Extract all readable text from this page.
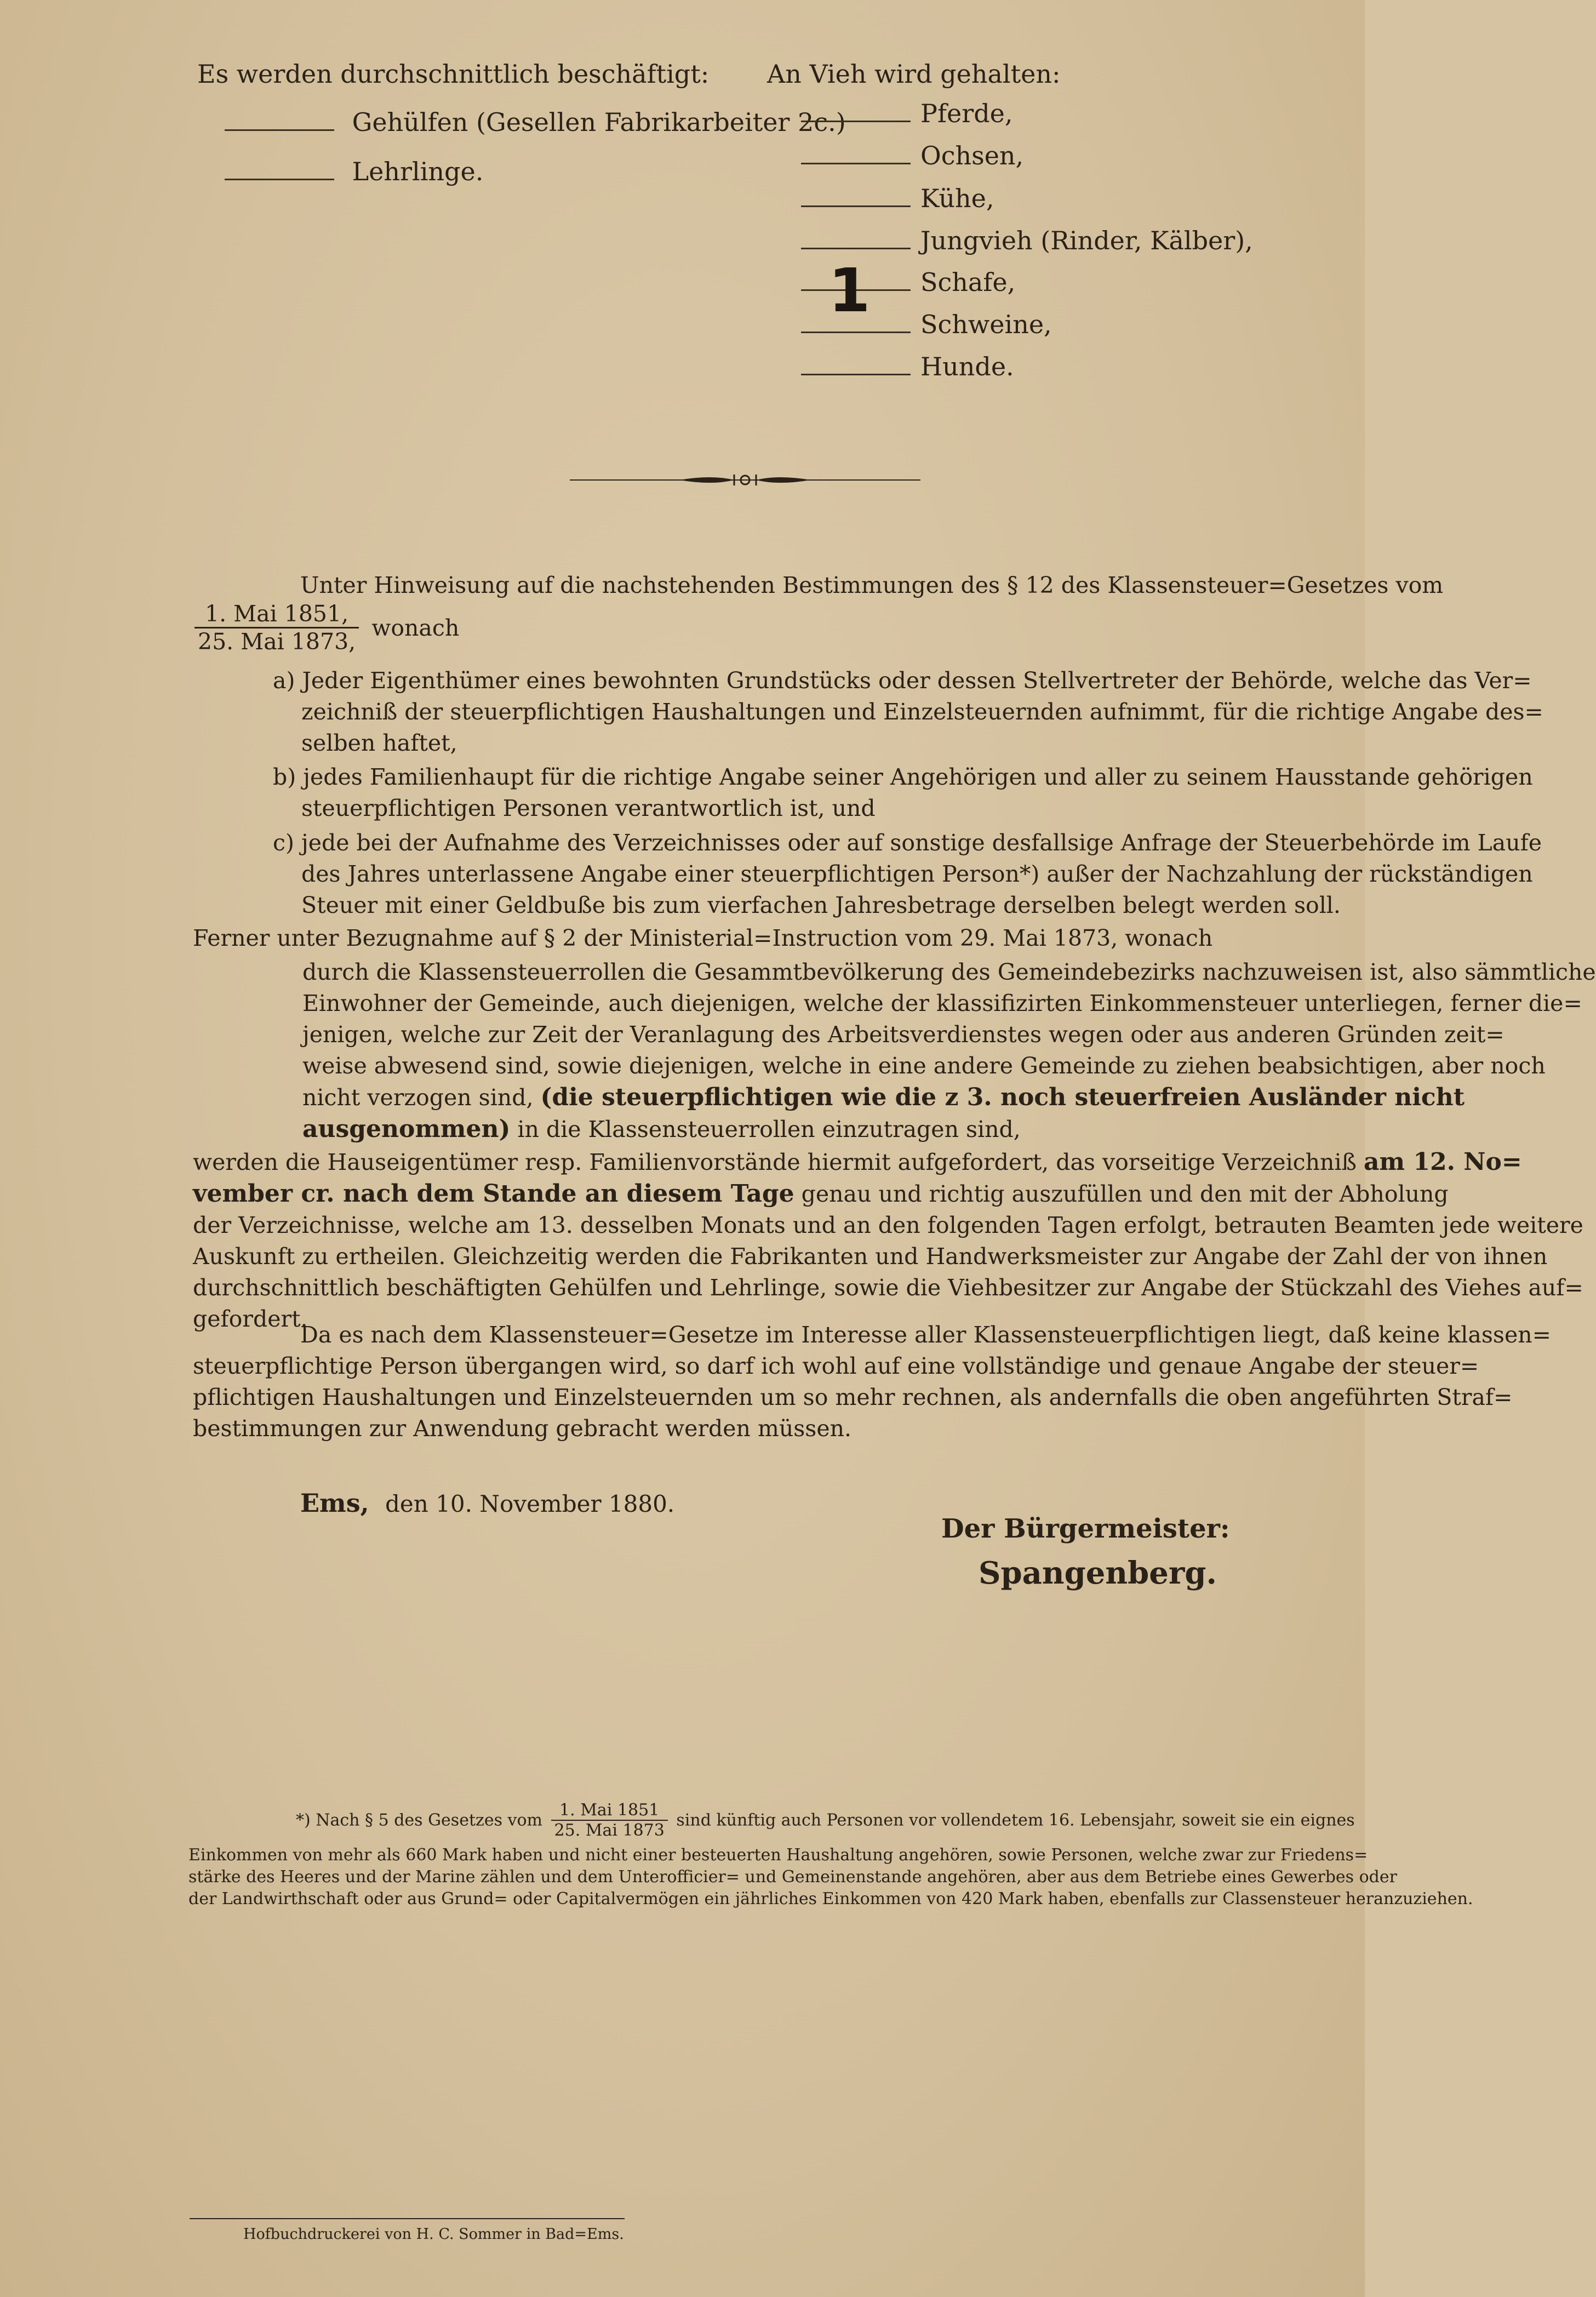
Es werden durchschnittlich beschäftigt:
Gehülfen (Gesellen Fabrikarbeiter 2c.)
Lehrlinge.
An Vieh wird gehalten:
Pferde,
Ochsen,
Kühe,
Jungvieh (Rinder, Kälber),
1 Schafe,
Schweine,
Hunde.
Unter Hinweisung auf die nachstehenden Bestimmungen des § 12 des Klassensteuer=Gesetzes vom
$\frac{\text{1. Mai 1851,}}{\text{25. Mai 1873,}}$ wonach
a) Jeder Eigenthümer eines bewohnten Grundstücks oder dessen Stellvertreter der Behörde, welche das Ver=
zeichniß der steuerpflichtigen Haushaltungen und Einzelsteuernden aufnimmt, für die richtige Angabe des=
selben haftet,
b) jedes Familienhaupt für die richtige Angabe seiner Angehörigen und aller zu seinem Hausstande gehörigen
steuerpflichtigen Personen verantwortlich ist, und
c) jede bei der Aufnahme des Verzeichnisses oder auf sonstige desfallsige Anfrage der Steuerbehörde im Laufe
des Jahres unterlassene Angabe einer steuerpflichtigen Person*) außer der Nachzahlung der rückständigen
Steuer mit einer Geldbuße bis zum vierfachen Jahresbetrage derselben belegt werden soll.
Ferner unter Bezugnahme auf § 2 der Ministerial=Instruction vom 29. Mai 1873, wonach
durch die Klassensteuerrollen die Gesammtbevölkerung des Gemeindebezirks nachzuweisen ist, also sämmtliche
Einwohner der Gemeinde, auch diejenigen, welche der klassifizirten Einkommensteuer unterliegen, ferner die=
jenigen, welche zur Zeit der Veranlagung des Arbeitsverdienstes wegen oder aus anderen Gründen zeit=
weise abwesend sind, sowie diejenigen, welche in eine andere Gemeinde zu ziehen beabsichtigen, aber noch
nicht verzogen sind, (die steuerpflichtigen wie die z 3. noch steuerfreien Ausländer nicht
ausgenommen) in die Klassensteuerrollen einzutragen sind,
werden die Hauseigentümer resp. Familienvorstände hiermit aufgefordert, das vorseitige Verzeichniß am 12. No=
vember cr. nach dem Stande an diesem Tage genau und richtig auszufüllen und den mit der Abholung
der Verzeichnisse, welche am 13. desselben Monats und an den folgenden Tagen erfolgt, betrauten Beamten jede weitere
Auskunft zu ertheilen. Gleichzeitig werden die Fabrikanten und Handwerksmeister zur Angabe der Zahl der von ihnen
durchschnittlich beschäftigten Gehülfen und Lehrlinge, sowie die Viehbesitzer zur Angabe der Stückzahl des Viehes auf=
gefordert.
Da es nach dem Klassensteuer=Gesetze im Interesse aller Klassensteuerpflichtigen liegt, daß keine klassen=
steuerpflichtige Person übergangen wird, so darf ich wohl auf eine vollständige und genaue Angabe der steuer=
pflichtigen Haushaltungen und Einzelsteuernden um so mehr rechnen, als andernfalls die oben angeführten Straf=
bestimmungen zur Anwendung gebracht werden müssen.
Ems, den 10. November 1880.
Der Bürgermeister:
Spangenberg.
*) Nach § 5 des Gesetzes vom $\frac{\text{1. Mai 1851}}{\text{25. Mai 1873}}$ sind künftig auch Personen vor vollendetem 16. Lebensjahr, soweit sie ein eignes
Einkommen von mehr als 660 Mark haben und nicht einer besteuerten Haushaltung angehören, sowie Personen, welche zwar zur Friedens=
stärke des Heeres und der Marine zählen und dem Unterofficier= und Gemeinenstande angehören, aber aus dem Betriebe eines Gewerbes oder
der Landwirthschaft oder aus Grund= oder Capitalvermögen ein jährliches Einkommen von 420 Mark haben, ebenfalls zur Classensteuer heranzuziehen.
Hofbuchdruckerei von H. C. Sommer in Bad=Ems.
